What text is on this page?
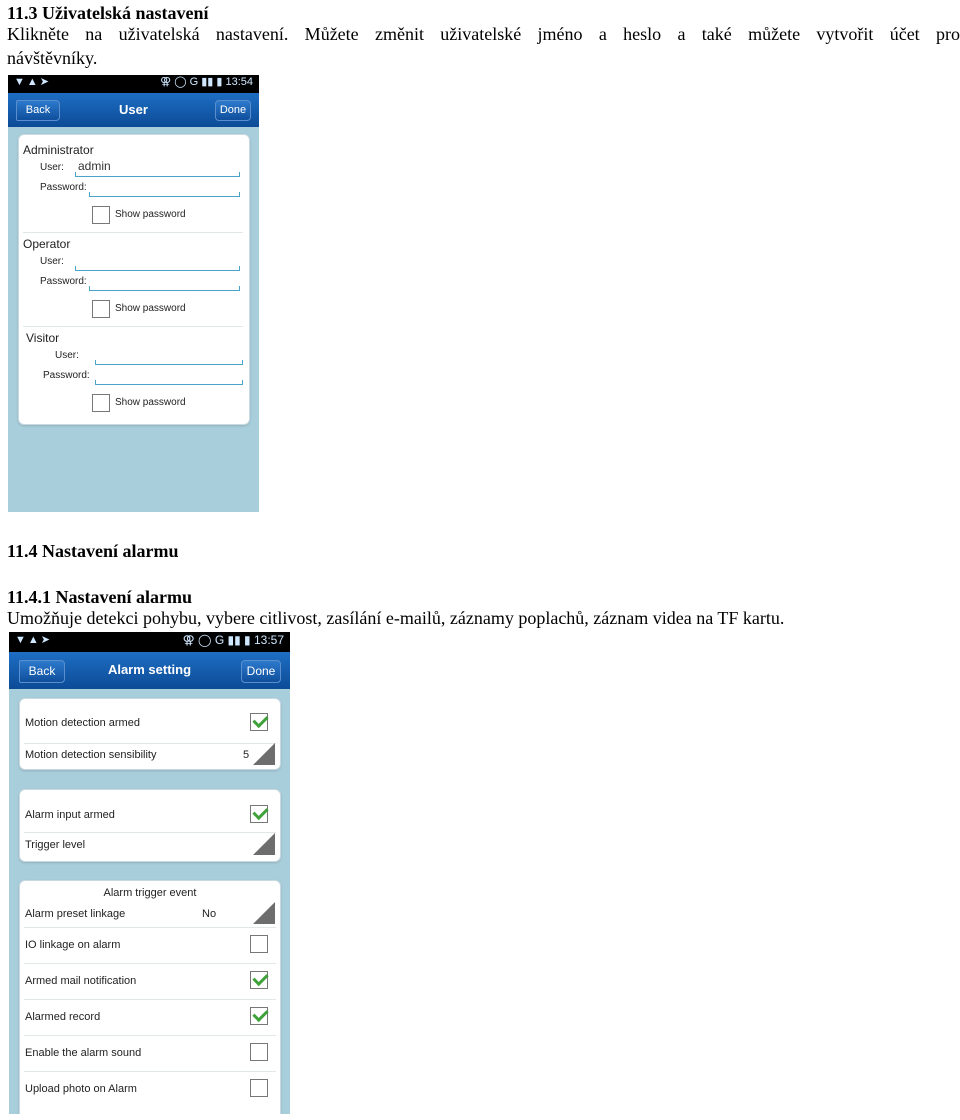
11.3 Uživatelská nastavení
Klikněte na uživatelská nastavení. Můžete změnit uživatelské jméno a heslo a také můžete vytvořit účet pro
návštěvníky.
▼▲➤	⚢ ◯ G ▮▮ ▮ 13:54
Back	User	Done
Administrator
User: admin
Password:
Show password
Operator
User:
Password:
Show password
Visitor
User:
Password:
Show password
11.4 Nastavení alarmu
11.4.1 Nastavení alarmu
Umožňuje detekci pohybu, vybere citlivost, zasílání e-mailů, záznamy poplachů, záznam videa na TF kartu.
▼▲➤	⚢ ◯ G ▮▮ ▮ 13:57
Back	Alarm setting	Done
Motion detection armed
Motion detection sensibility	5
Alarm input armed
Trigger level
Alarm trigger event
Alarm preset linkage	No
IO linkage on alarm
Armed mail notification
Alarmed record
Enable the alarm sound
Upload photo on Alarm
